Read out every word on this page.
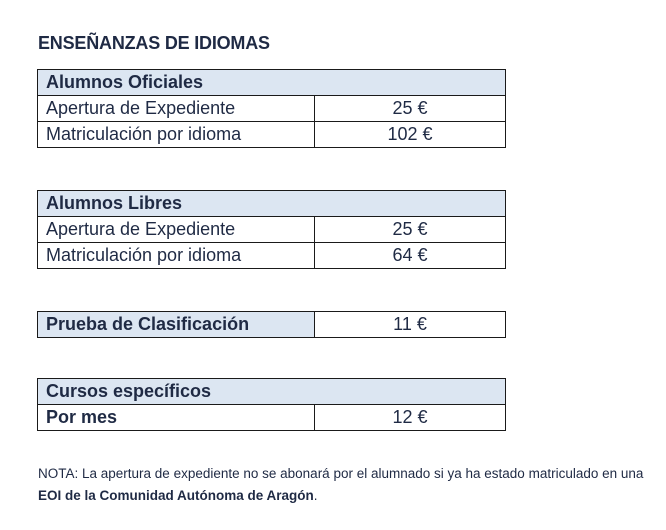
ENSEÑANZAS DE IDIOMAS
Alumnos Oficiales	
Apertura de Expediente	25 €
Matriculación por idioma	102 €
Alumnos Libres	
Apertura de Expediente	25 €
Matriculación por idioma	64 €
Prueba de Clasificación	11 €
Cursos específicos
Por mes	12 €
NOTA: La apertura de expediente no se abonará por el alumnado si ya ha estado matriculado en una EOI de la Comunidad Autónoma de Aragón.
